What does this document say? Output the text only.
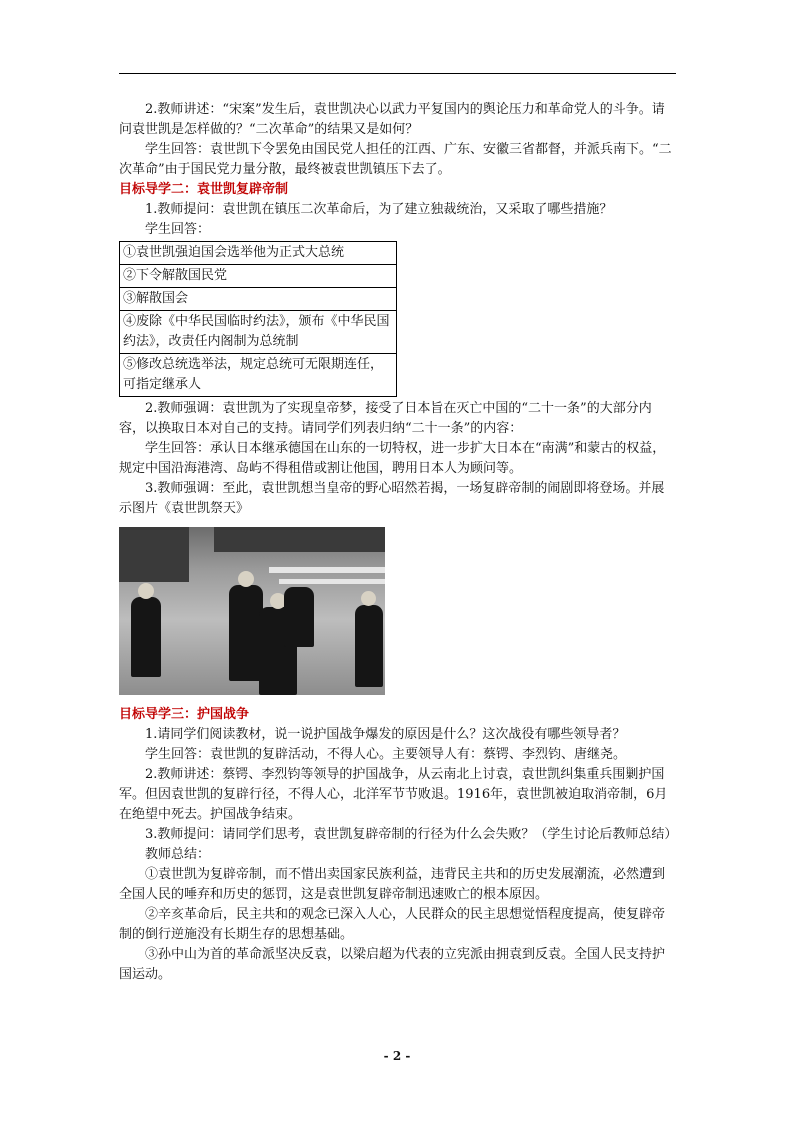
2.教师讲述：“宋案”发生后，袁世凯决心以武力平复国内的舆论压力和革命党人的斗争。请问袁世凯是怎样做的？“二次革命”的结果又是如何？

学生回答：袁世凯下令罢免由国民党人担任的江西、广东、安徽三省都督，并派兵南下。“二次革命”由于国民党力量分散，最终被袁世凯镇压下去了。

目标导学二：袁世凯复辟帝制

1.教师提问：袁世凯在镇压二次革命后，为了建立独裁统治，又采取了哪些措施？

学生回答：

①袁世凯强迫国会选举他为正式大总统
②下令解散国民党
③解散国会
④废除《中华民国临时约法》，颁布《中华民国约法》，改责任内阁制为总统制
⑤修改总统选举法，规定总统可无限期连任，可指定继承人

2.教师强调：袁世凯为了实现皇帝梦，接受了日本旨在灭亡中国的“二十一条”的大部分内容，以换取日本对自己的支持。请同学们列表归纳“二十一条”的内容：

学生回答：承认日本继承德国在山东的一切特权，进一步扩大日本在“南满”和蒙古的权益，规定中国沿海港湾、岛屿不得租借或割让他国，聘用日本人为顾问等。

3.教师强调：至此，袁世凯想当皇帝的野心昭然若揭，一场复辟帝制的闹剧即将登场。并展示图片《袁世凯祭天》

目标导学三：护国战争

1.请同学们阅读教材，说一说护国战争爆发的原因是什么？这次战役有哪些领导者？

学生回答：袁世凯的复辟活动，不得人心。主要领导人有：蔡锷、李烈钧、唐继尧。

2.教师讲述：蔡锷、李烈钧等领导的护国战争，从云南北上讨袁，袁世凯纠集重兵围剿护国军。但因袁世凯的复辟行径，不得人心，北洋军节节败退。1916年，袁世凯被迫取消帝制，6月在绝望中死去。护国战争结束。

3.教师提问：请同学们思考，袁世凯复辟帝制的行径为什么会失败？（学生讨论后教师总结）

教师总结：

①袁世凯为复辟帝制，而不惜出卖国家民族利益，违背民主共和的历史发展潮流，必然遭到全国人民的唾弃和历史的惩罚，这是袁世凯复辟帝制迅速败亡的根本原因。

②辛亥革命后，民主共和的观念已深入人心，人民群众的民主思想觉悟程度提高，使复辟帝制的倒行逆施没有长期生存的思想基础。

③孙中山为首的革命派坚决反袁，以梁启超为代表的立宪派由拥袁到反袁。全国人民支持护国运动。

- 2 -
